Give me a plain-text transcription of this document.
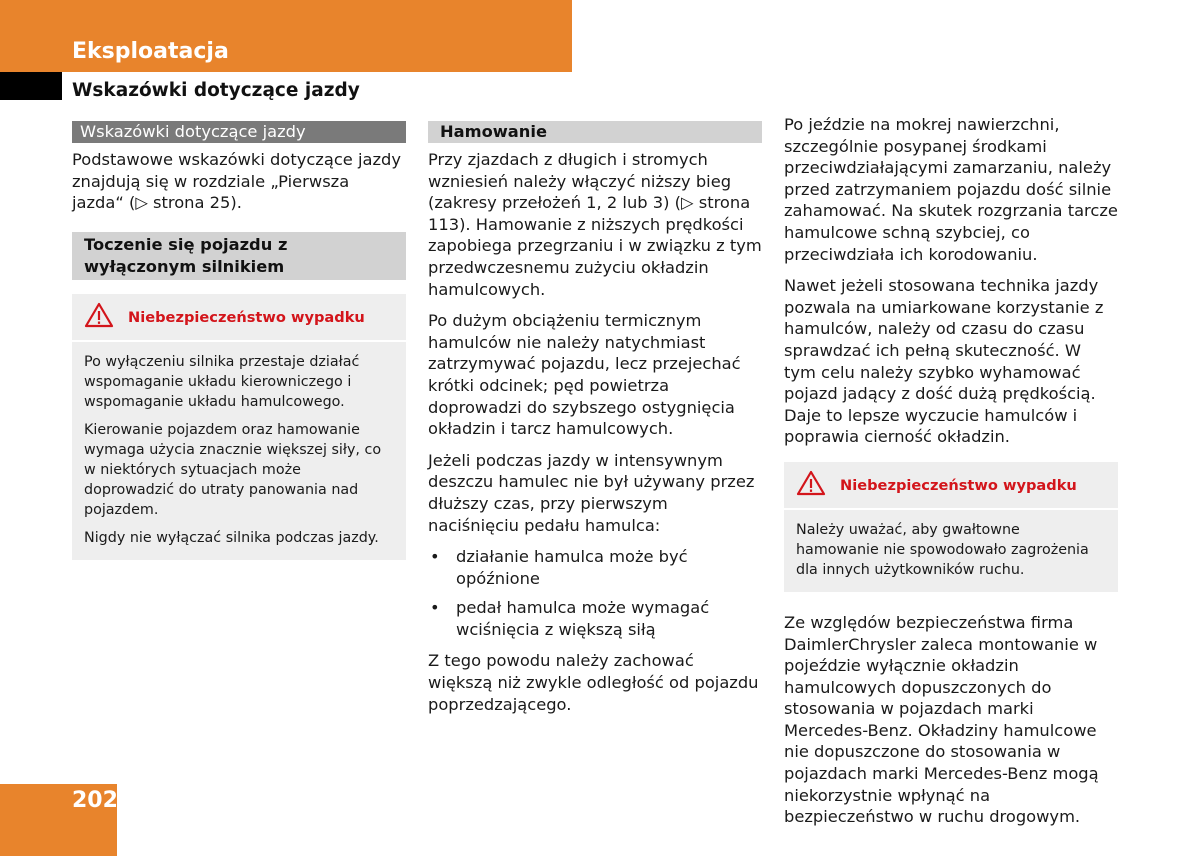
Eksploatacja
Wskazówki dotyczące jazdy
Wskazówki dotyczące jazdy

Podstawowe wskazówki dotyczące jazdy znajdują się w rozdziale „Pierwsza jazda“ (▷ strona 25).

Toczenie się pojazdu z wyłączonym silnikiem
Niebezpieczeństwo wypadku

Po wyłączeniu silnika przestaje działać wspomaganie układu kierowniczego i wspomaganie układu hamulcowego.

Kierowanie pojazdem oraz hamowanie wymaga użycia znacznie większej siły, co w niektórych sytuacjach może doprowadzić do utraty panowania nad pojazdem.

Nigdy nie wyłączać silnika podczas jazdy.

Hamowanie

Przy zjazdach z długich i stromych wzniesień należy włączyć niższy bieg (zakresy przełożeń 1, 2 lub 3) (▷ strona 113). Hamowanie z niższych prędkości zapobiega przegrzaniu i w związku z tym przedwczesnemu zużyciu okładzin hamulcowych.

Po dużym obciążeniu termicznym hamulców nie należy natychmiast zatrzymywać pojazdu, lecz przejechać krótki odcinek; pęd powietrza doprowadzi do szybszego ostygnięcia okładzin i tarcz hamulcowych.

Jeżeli podczas jazdy w intensywnym deszczu hamulec nie był używany przez dłuższy czas, przy pierwszym naciśnięciu pedału hamulca:

• działanie hamulca może być opóźnione
• pedał hamulca może wymagać wciśnięcia z większą siłą

Z tego powodu należy zachować większą niż zwykle odległość od pojazdu poprzedzającego.

Po jeździe na mokrej nawierzchni, szczególnie posypanej środkami przeciwdziałającymi zamarzaniu, należy przed zatrzymaniem pojazdu dość silnie zahamować. Na skutek rozgrzania tarcze hamulcowe schną szybciej, co przeciwdziała ich korodowaniu.

Nawet jeżeli stosowana technika jazdy pozwala na umiarkowane korzystanie z hamulców, należy od czasu do czasu sprawdzać ich pełną skuteczność. W tym celu należy szybko wyhamować pojazd jadący z dość dużą prędkością. Daje to lepsze wyczucie hamulców i poprawia cierność okładzin.

Niebezpieczeństwo wypadku

Należy uważać, aby gwałtowne hamowanie nie spowodowało zagrożenia dla innych użytkowników ruchu.

Ze względów bezpieczeństwa firma DaimlerChrysler zaleca montowanie w pojeździe wyłącznie okładzin hamulcowych dopuszczonych do stosowania w pojazdach marki Mercedes-Benz. Okładziny hamulcowe nie dopuszczone do stosowania w pojazdach marki Mercedes-Benz mogą niekorzystnie wpłynąć na bezpieczeństwo w ruchu drogowym.

202
